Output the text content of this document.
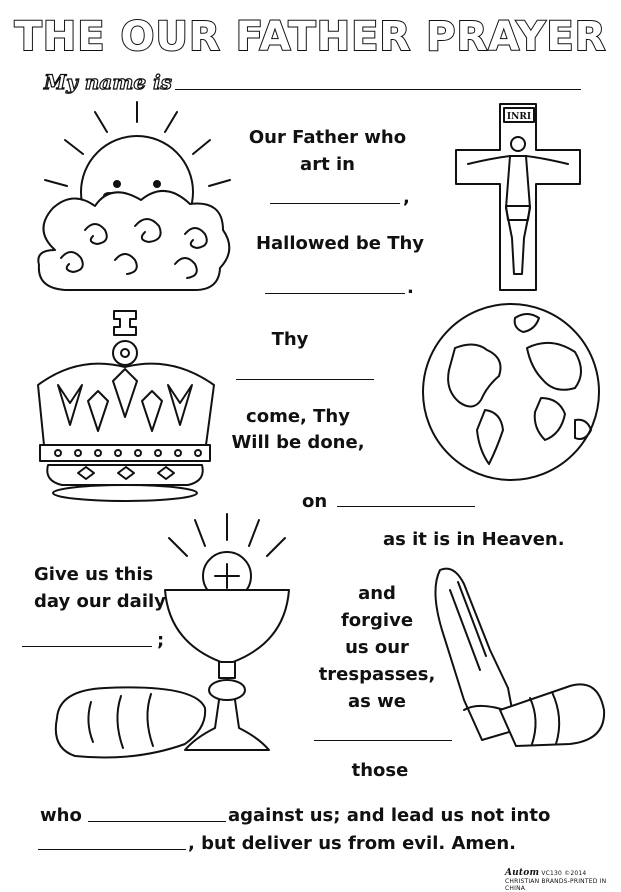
THE OUR FATHER PRAYER
My name is
INRI
Our Father who
art in
,
Hallowed be Thy
.
Thy
come, Thy
Will be done,
on
as it is in Heaven.
Give us this
day our daily
;
and
forgive
us our
trespasses,
as we
those
who	against us; and lead us not into
, but deliver us from evil. Amen.
Autom VC130 ©2014 CHRISTIAN BRANDS-PRINTED IN CHINA
